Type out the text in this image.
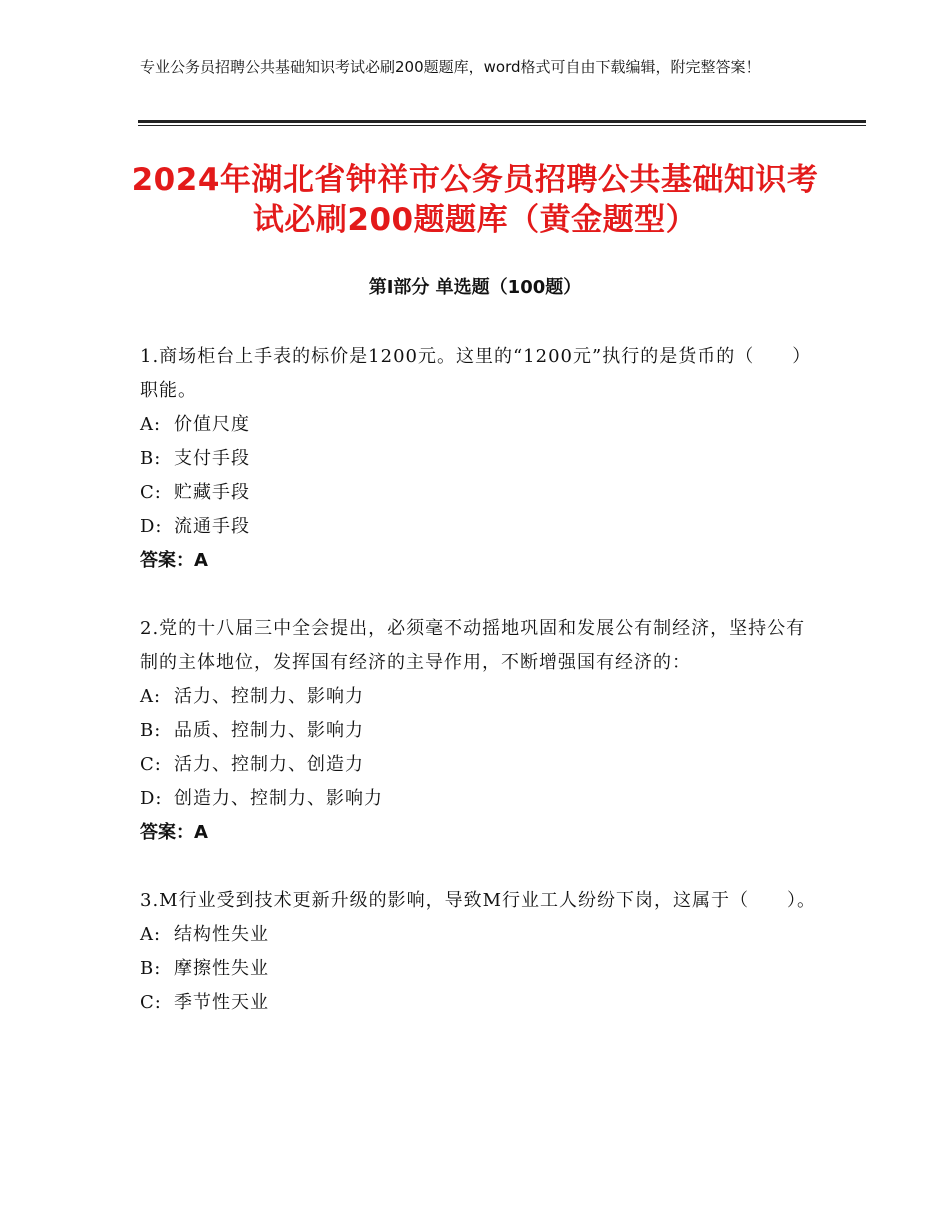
专业公务员招聘公共基础知识考试必刷200题题库，word格式可自由下载编辑，附完整答案！
2024年湖北省钟祥市公务员招聘公共基础知识考试必刷200题题库（黄金题型）
第Ⅰ部分 单选题（100题）
1.商场柜台上手表的标价是1200元。这里的“1200元”执行的是货币的（　　）职能。
A: 价值尺度
B: 支付手段
C: 贮藏手段
D: 流通手段
答案：A
2.党的十八届三中全会提出，必须毫不动摇地巩固和发展公有制经济，坚持公有制的主体地位，发挥国有经济的主导作用，不断增强国有经济的：
A: 活力、控制力、影响力
B: 品质、控制力、影响力
C: 活力、控制力、创造力
D: 创造力、控制力、影响力
答案：A
3.M行业受到技术更新升级的影响，导致M行业工人纷纷下岗，这属于（　　）。
A: 结构性失业
B: 摩擦性失业
C: 季节性天业
